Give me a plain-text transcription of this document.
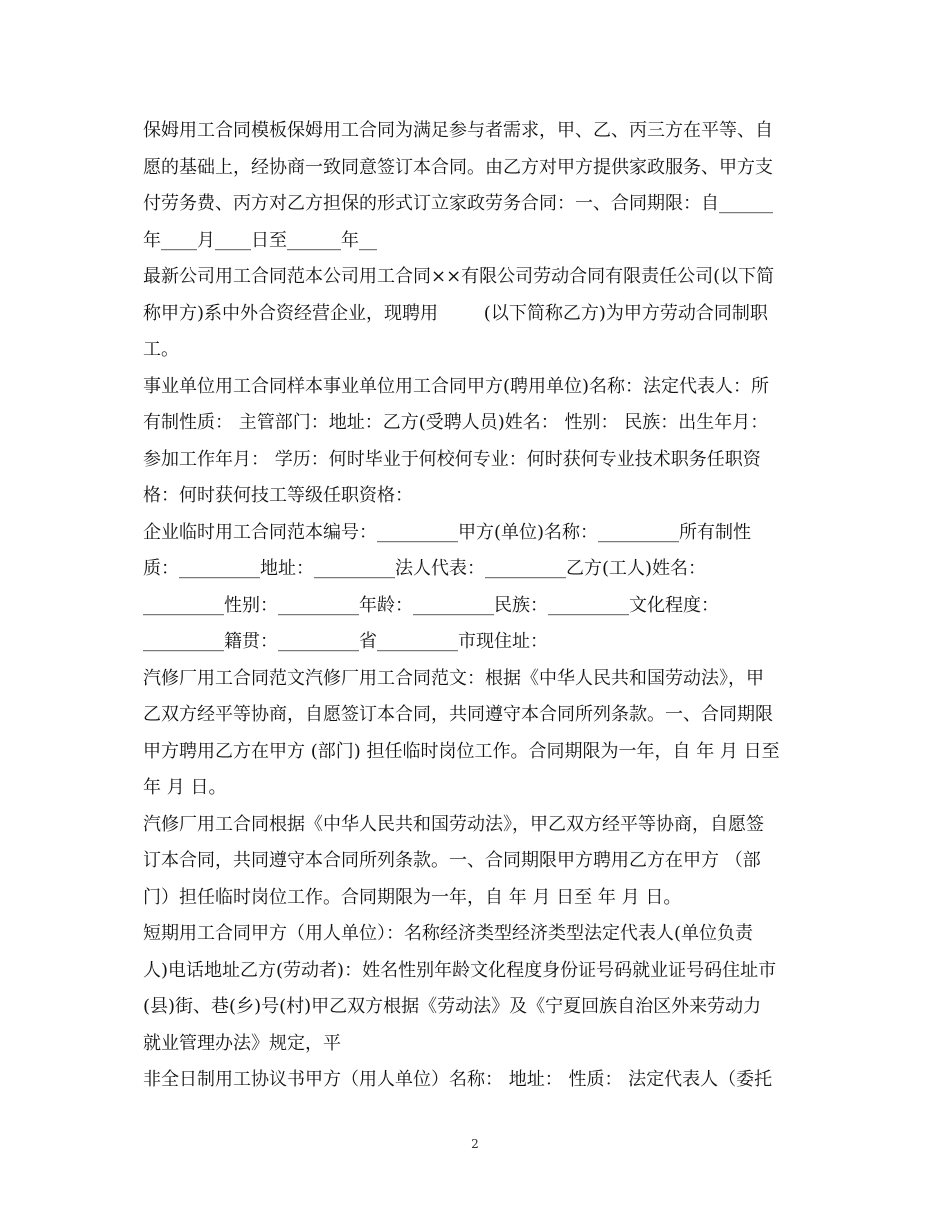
保姆用工合同模板保姆用工合同为满足参与者需求，甲、乙、丙三方在平等、自
愿的基础上，经协商一致同意签订本合同。由乙方对甲方提供家政服务、甲方支
付劳务费、丙方对乙方担保的形式订立家政劳务合同：一、合同期限：自______
年____月____日至______年__
最新公司用工合同范本公司用工合同××有限公司劳动合同有限责任公司(以下简
称甲方)系中外合资经营企业，现聘用        (以下简称乙方)为甲方劳动合同制职
工。
事业单位用工合同样本事业单位用工合同甲方(聘用单位)名称：法定代表人：所
有制性质： 主管部门：地址：乙方(受聘人员)姓名： 性别： 民族：出生年月：
参加工作年月： 学历：何时毕业于何校何专业：何时获何专业技术职务任职资
格：何时获何技工等级任职资格：
企业临时用工合同范本编号：_________甲方(单位)名称：_________所有制性
质：_________地址：_________法人代表：_________乙方(工人)姓名：
_________性别：_________年龄：_________民族：_________文化程度：
_________籍贯：_________省_________市现住址：
汽修厂用工合同范文汽修厂用工合同范文：根据《中华人民共和国劳动法》，甲
乙双方经平等协商，自愿签订本合同，共同遵守本合同所列条款。一、合同期限
甲方聘用乙方在甲方 (部门) 担任临时岗位工作。合同期限为一年，自 年 月 日至
年 月 日。
汽修厂用工合同根据《中华人民共和国劳动法》，甲乙双方经平等协商，自愿签
订本合同，共同遵守本合同所列条款。一、合同期限甲方聘用乙方在甲方 （部
门）担任临时岗位工作。合同期限为一年，自 年 月 日至 年 月 日。
短期用工合同甲方（用人单位）：名称经济类型经济类型法定代表人(单位负责
人)电话地址乙方(劳动者)：姓名性别年龄文化程度身份证号码就业证号码住址市
(县)街、巷(乡)号(村)甲乙双方根据《劳动法》及《宁夏回族自治区外来劳动力
就业管理办法》规定，平
非全日制用工协议书甲方（用人单位）名称： 地址： 性质： 法定代表人（委托
2
